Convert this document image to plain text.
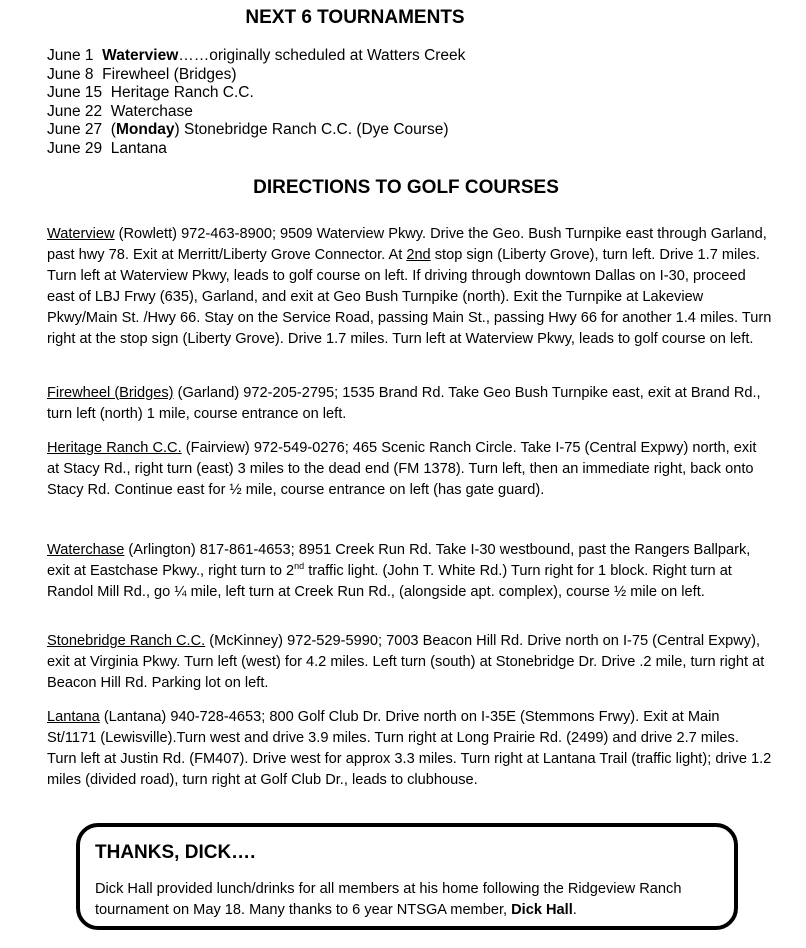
NEXT 6 TOURNAMENTS
June 1 Waterview……originally scheduled at Watters Creek
June 8 Firewheel (Bridges)
June 15 Heritage Ranch C.C.
June 22 Waterchase
June 27 (Monday) Stonebridge Ranch C.C. (Dye Course)
June 29 Lantana
DIRECTIONS TO GOLF COURSES
Waterview (Rowlett) 972-463-8900; 9509 Waterview Pkwy. Drive the Geo. Bush Turnpike east through Garland, past hwy 78. Exit at Merritt/Liberty Grove Connector. At 2nd stop sign (Liberty Grove), turn left. Drive 1.7 miles. Turn left at Waterview Pkwy, leads to golf course on left. If driving through downtown Dallas on I-30, proceed east of LBJ Frwy (635), Garland, and exit at Geo Bush Turnpike (north). Exit the Turnpike at Lakeview Pkwy/Main St. /Hwy 66. Stay on the Service Road, passing Main St., passing Hwy 66 for another 1.4 miles. Turn right at the stop sign (Liberty Grove). Drive 1.7 miles. Turn left at Waterview Pkwy, leads to golf course on left.
Firewheel (Bridges) (Garland) 972-205-2795; 1535 Brand Rd. Take Geo Bush Turnpike east, exit at Brand Rd., turn left (north) 1 mile, course entrance on left.
Heritage Ranch C.C. (Fairview) 972-549-0276; 465 Scenic Ranch Circle. Take I-75 (Central Expwy) north, exit at Stacy Rd., right turn (east) 3 miles to the dead end (FM 1378). Turn left, then an immediate right, back onto Stacy Rd. Continue east for ½ mile, course entrance on left (has gate guard).
Waterchase (Arlington) 817-861-4653; 8951 Creek Run Rd. Take I-30 westbound, past the Rangers Ballpark, exit at Eastchase Pkwy., right turn to 2nd traffic light. (John T. White Rd.) Turn right for 1 block. Right turn at Randol Mill Rd., go ¼ mile, left turn at Creek Run Rd., (alongside apt. complex), course ½ mile on left.
Stonebridge Ranch C.C. (McKinney) 972-529-5990; 7003 Beacon Hill Rd. Drive north on I-75 (Central Expwy), exit at Virginia Pkwy. Turn left (west) for 4.2 miles. Left turn (south) at Stonebridge Dr. Drive .2 mile, turn right at Beacon Hill Rd. Parking lot on left.
Lantana (Lantana) 940-728-4653; 800 Golf Club Dr. Drive north on I-35E (Stemmons Frwy). Exit at Main St/1171 (Lewisville).Turn west and drive 3.9 miles. Turn right at Long Prairie Rd. (2499) and drive 2.7 miles. Turn left at Justin Rd. (FM407). Drive west for approx 3.3 miles. Turn right at Lantana Trail (traffic light); drive 1.2 miles (divided road), turn right at Golf Club Dr., leads to clubhouse.
THANKS, DICK….
Dick Hall provided lunch/drinks for all members at his home following the Ridgeview Ranch tournament on May 18. Many thanks to 6 year NTSGA member, Dick Hall.
